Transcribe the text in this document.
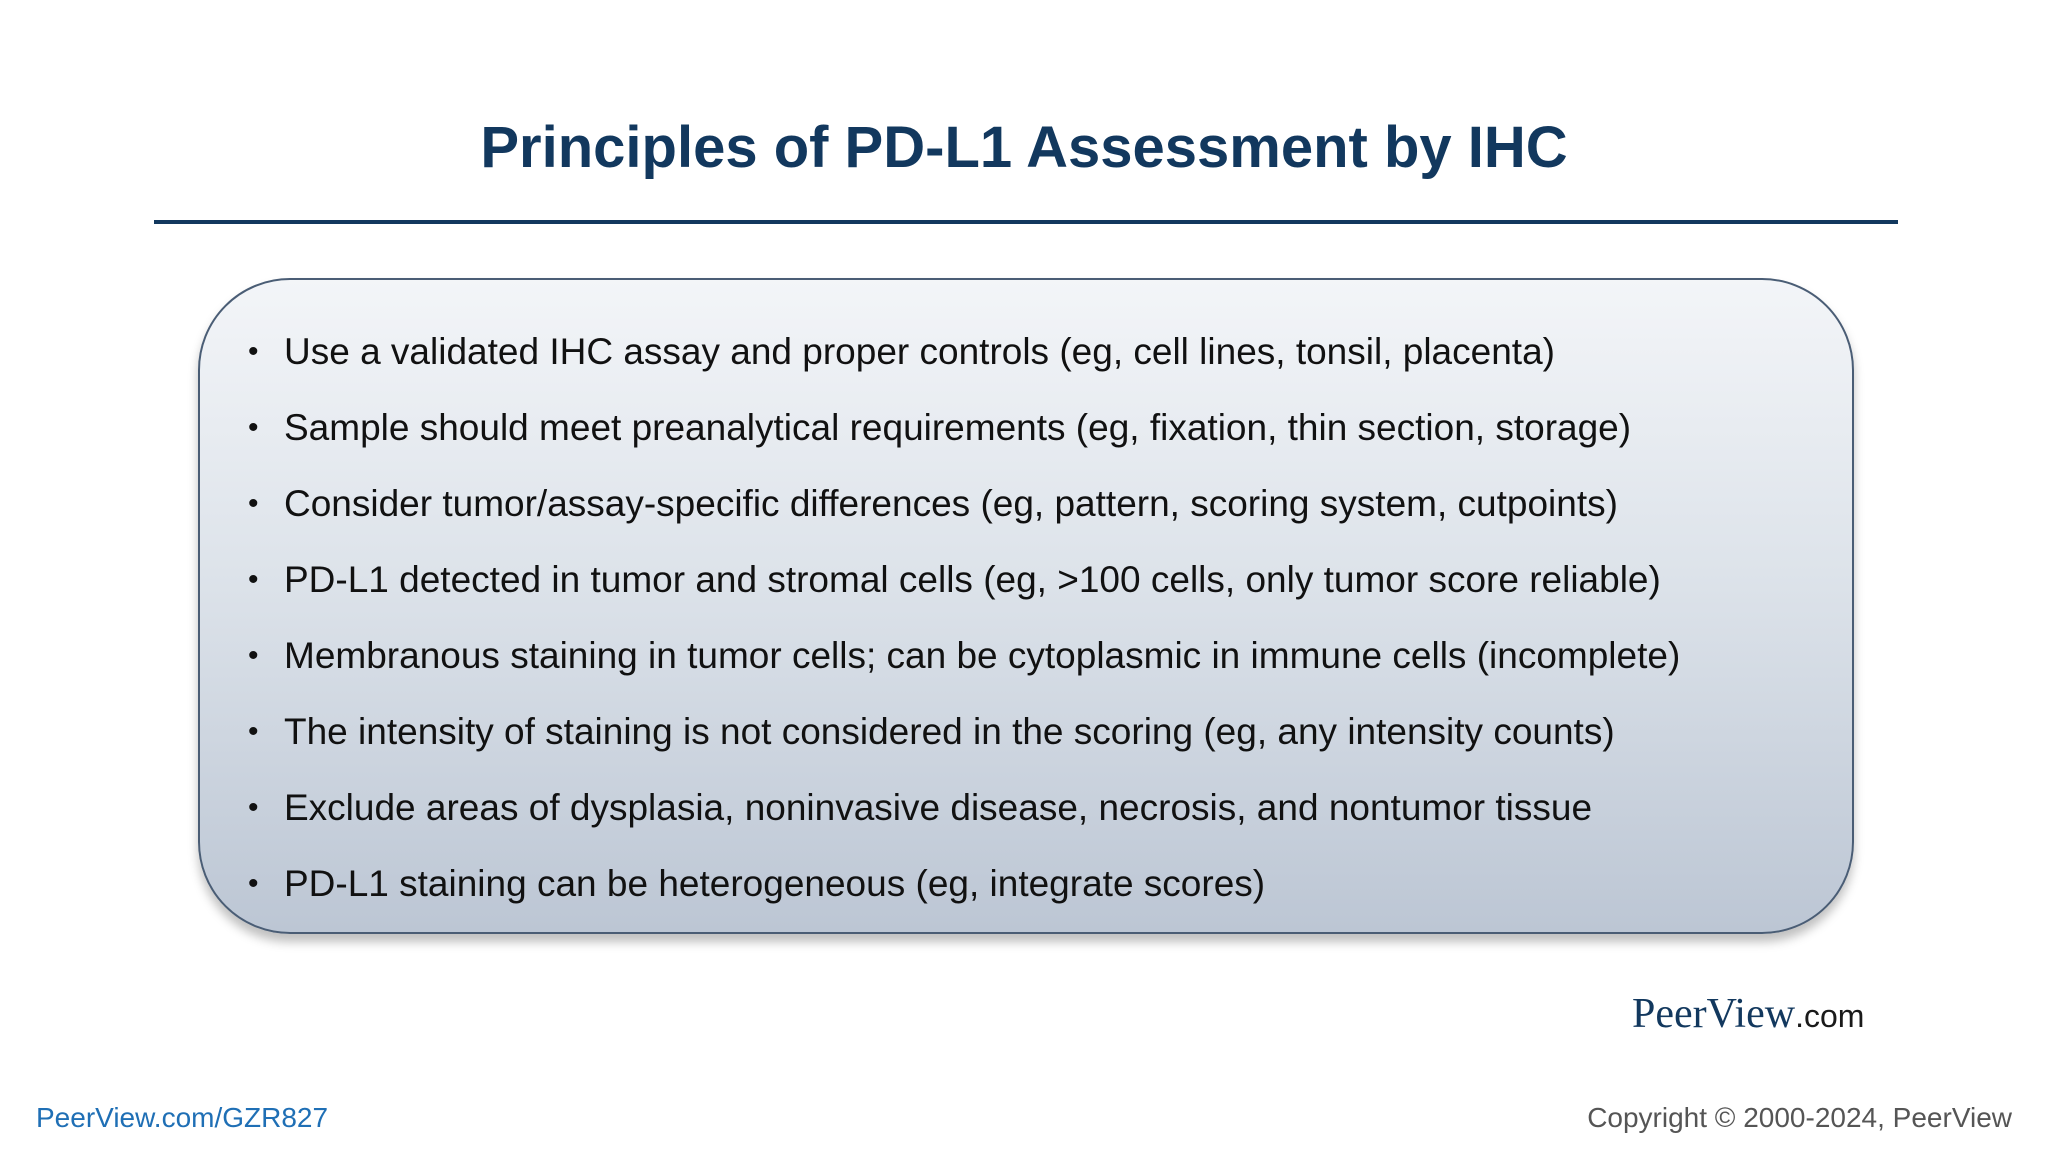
Principles of PD-L1 Assessment by IHC
• Use a validated IHC assay and proper controls (eg, cell lines, tonsil, placenta)
• Sample should meet preanalytical requirements (eg, fixation, thin section, storage)
• Consider tumor/assay-specific differences (eg, pattern, scoring system, cutpoints)
• PD-L1 detected in tumor and stromal cells (eg, >100 cells, only tumor score reliable)
• Membranous staining in tumor cells; can be cytoplasmic in immune cells (incomplete)
• The intensity of staining is not considered in the scoring (eg, any intensity counts)
• Exclude areas of dysplasia, noninvasive disease, necrosis, and nontumor tissue
• PD-L1 staining can be heterogeneous (eg, integrate scores)
PeerView.com
PeerView.com/GZR827	Copyright © 2000-2024, PeerView
